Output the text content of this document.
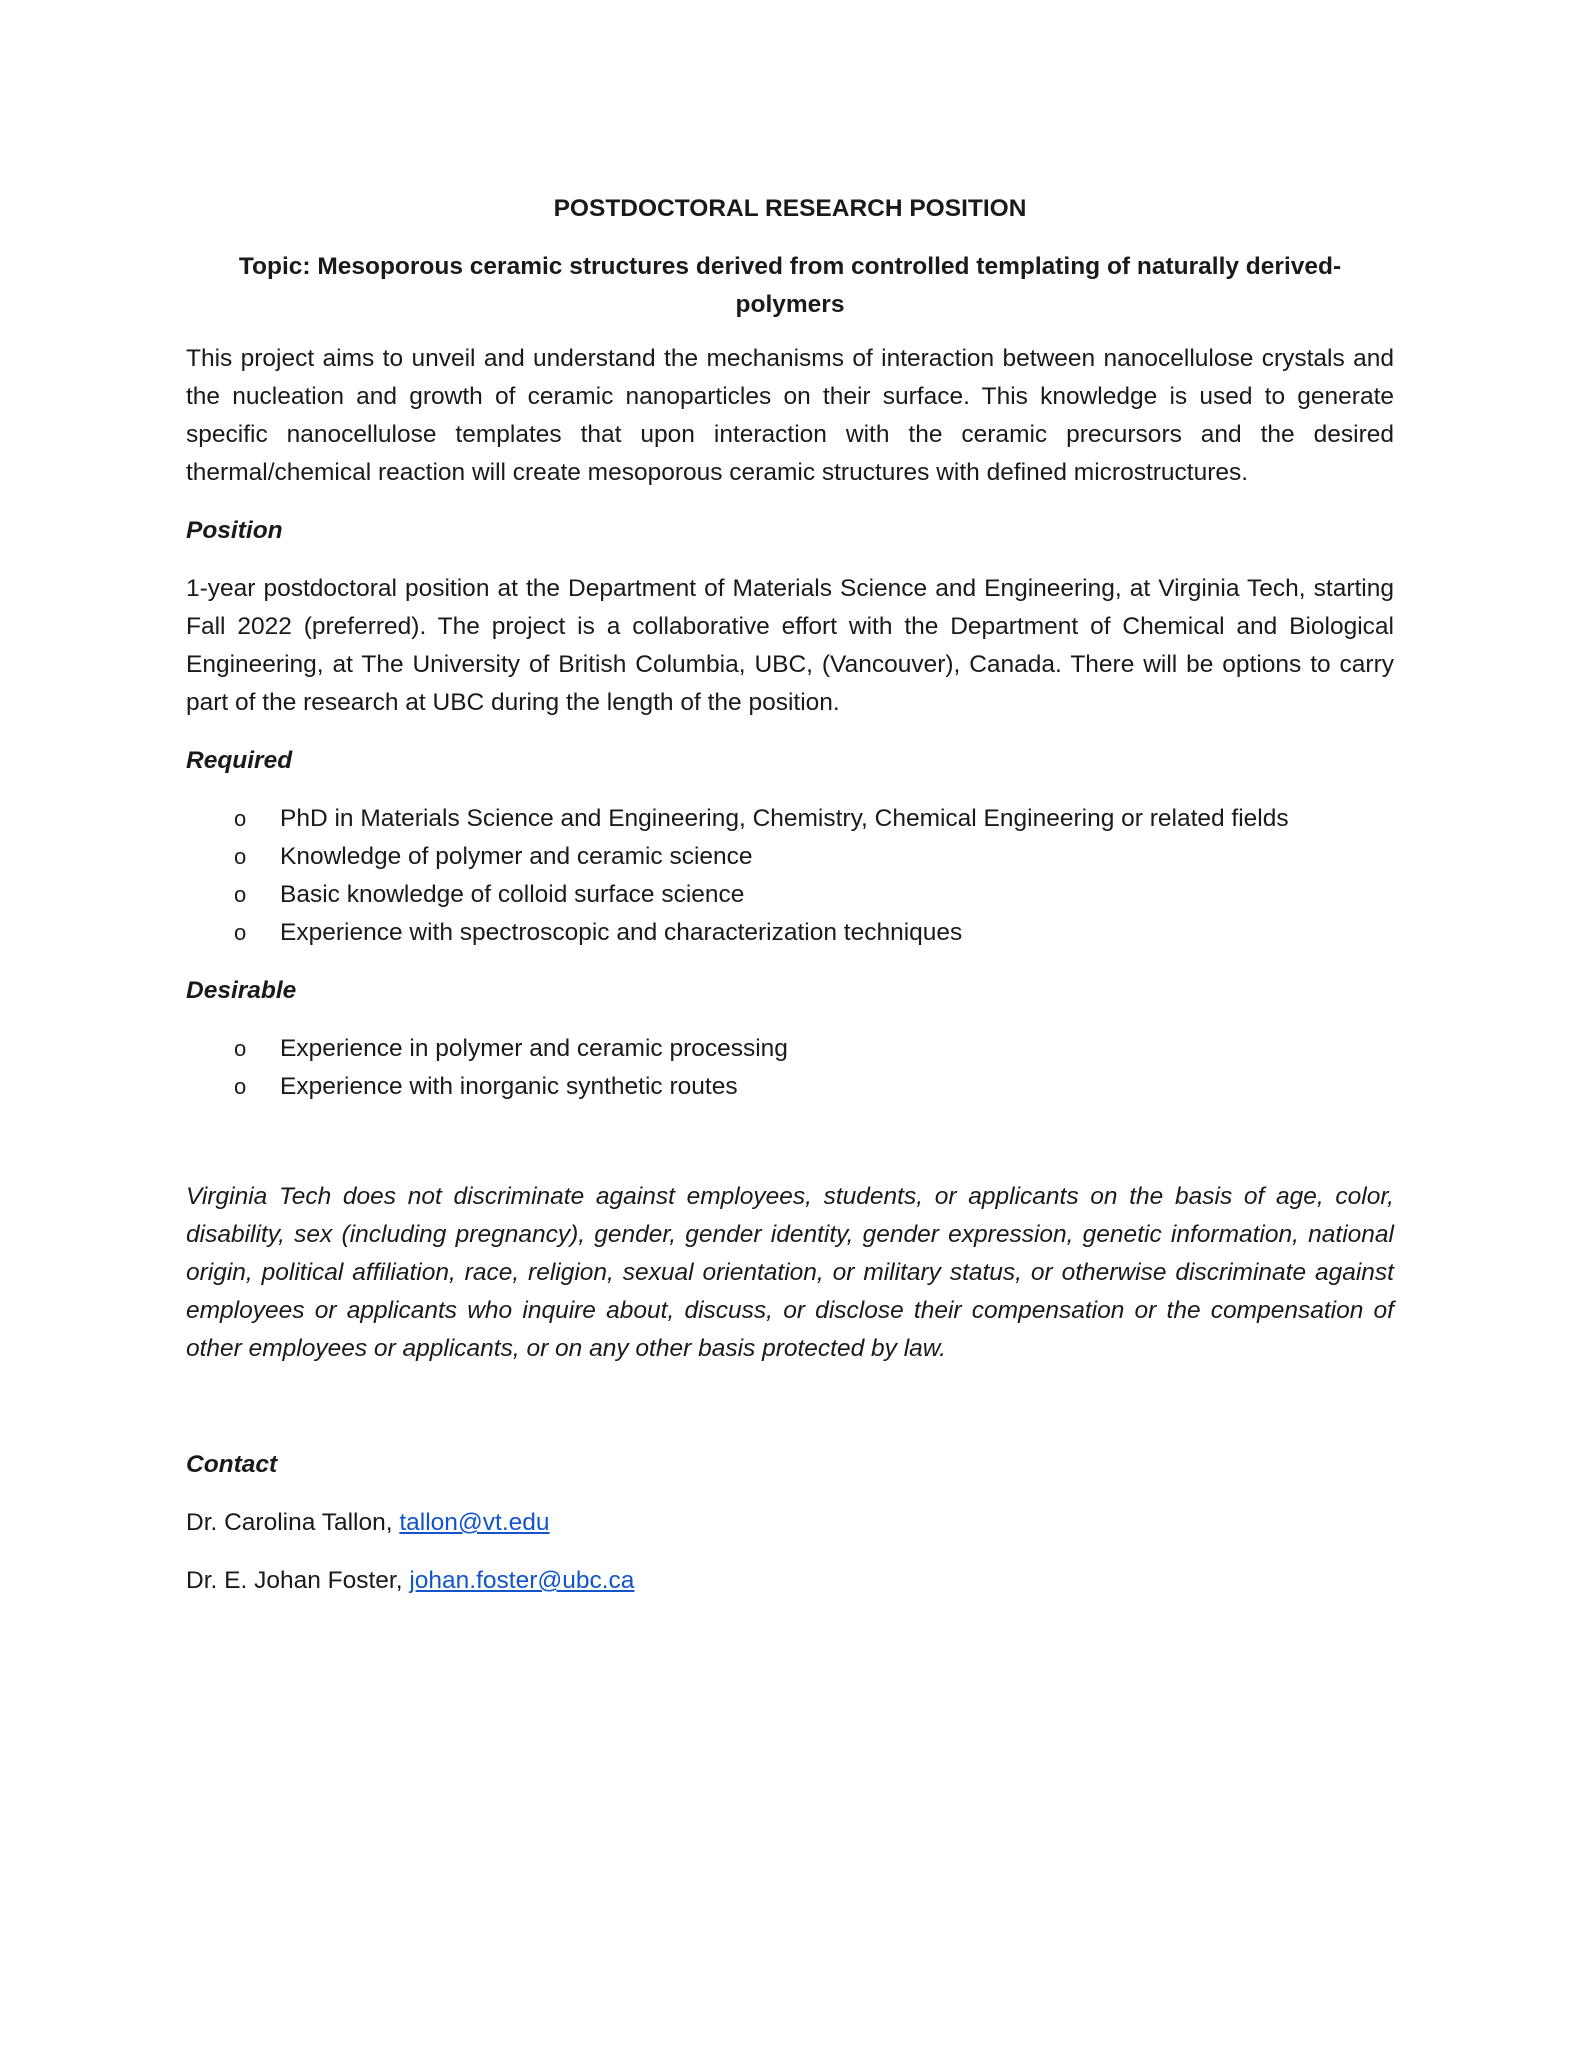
POSTDOCTORAL RESEARCH POSITION
Topic: Mesoporous ceramic structures derived from controlled templating of naturally derived-polymers
This project aims to unveil and understand the mechanisms of interaction between nanocellulose crystals and the nucleation and growth of ceramic nanoparticles on their surface. This knowledge is used to generate specific nanocellulose templates that upon interaction with the ceramic precursors and the desired thermal/chemical reaction will create mesoporous ceramic structures with defined microstructures.
Position
1-year postdoctoral position at the Department of Materials Science and Engineering, at Virginia Tech, starting Fall 2022 (preferred). The project is a collaborative effort with the Department of Chemical and Biological Engineering, at The University of British Columbia, UBC, (Vancouver), Canada. There will be options to carry part of the research at UBC during the length of the position.
Required
o PhD in Materials Science and Engineering, Chemistry, Chemical Engineering or related fields
o Knowledge of polymer and ceramic science
o Basic knowledge of colloid surface science
o Experience with spectroscopic and characterization techniques
Desirable
o Experience in polymer and ceramic processing
o Experience with inorganic synthetic routes
Virginia Tech does not discriminate against employees, students, or applicants on the basis of age, color, disability, sex (including pregnancy), gender, gender identity, gender expression, genetic information, national origin, political affiliation, race, religion, sexual orientation, or military status, or otherwise discriminate against employees or applicants who inquire about, discuss, or disclose their compensation or the compensation of other employees or applicants, or on any other basis protected by law.
Contact
Dr. Carolina Tallon, tallon@vt.edu
Dr. E. Johan Foster, johan.foster@ubc.ca
